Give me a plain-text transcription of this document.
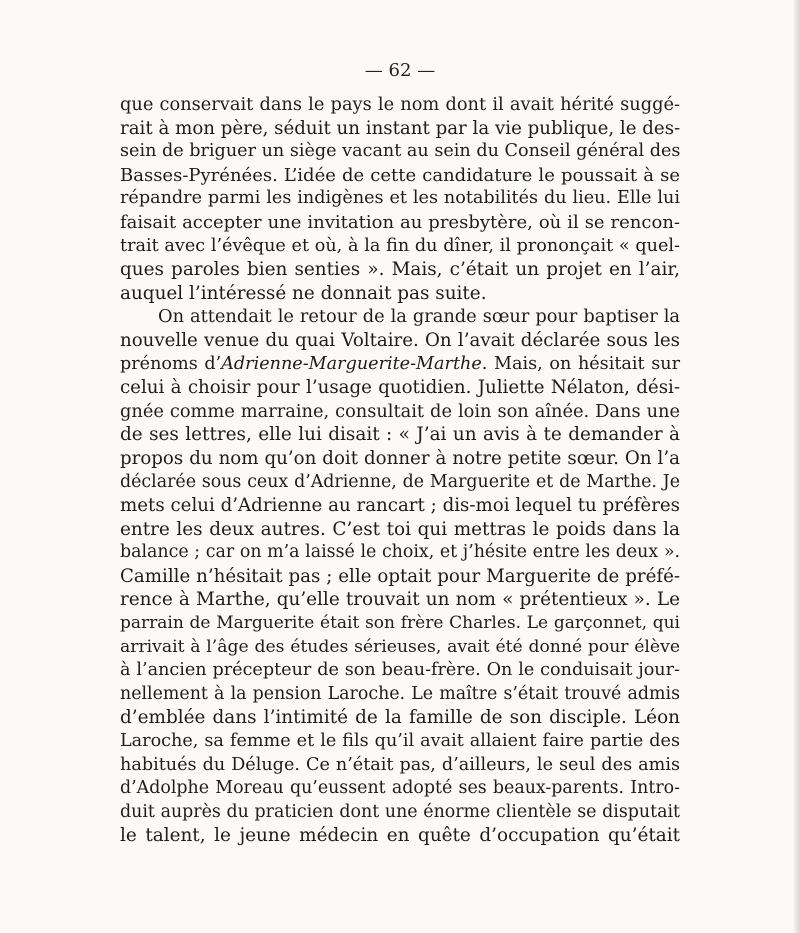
— 62 —
que conservait dans le pays le nom dont il avait hérité suggé-
rait à mon père, séduit un instant par la vie publique, le des-
sein de briguer un siège vacant au sein du Conseil général des
Basses-Pyrénées. L’idée de cette candidature le poussait à se
répandre parmi les indigènes et les notabilités du lieu. Elle lui
faisait accepter une invitation au presbytère, où il se rencon-
trait avec l’évêque et où, à la fin du dîner, il prononçait « quel-
ques paroles bien senties ». Mais, c’était un projet en l’air,
auquel l’intéressé ne donnait pas suite.
On attendait le retour de la grande sœur pour baptiser la
nouvelle venue du quai Voltaire. On l’avait déclarée sous les
prénoms d’Adrienne-Marguerite-Marthe. Mais, on hésitait sur
celui à choisir pour l’usage quotidien. Juliette Nélaton, dési-
gnée comme marraine, consultait de loin son aînée. Dans une
de ses lettres, elle lui disait : « J’ai un avis à te demander à
propos du nom qu’on doit donner à notre petite sœur. On l’a
déclarée sous ceux d’Adrienne, de Marguerite et de Marthe. Je
mets celui d’Adrienne au rancart ; dis-moi lequel tu préfères
entre les deux autres. C’est toi qui mettras le poids dans la
balance ; car on m’a laissé le choix, et j’hésite entre les deux ».
Camille n’hésitait pas ; elle optait pour Marguerite de préfé-
rence à Marthe, qu’elle trouvait un nom « prétentieux ». Le
parrain de Marguerite était son frère Charles. Le garçonnet, qui
arrivait à l’âge des études sérieuses, avait été donné pour élève
à l’ancien précepteur de son beau-frère. On le conduisait jour-
nellement à la pension Laroche. Le maître s’était trouvé admis
d’emblée dans l’intimité de la famille de son disciple. Léon
Laroche, sa femme et le fils qu’il avait allaient faire partie des
habitués du Déluge. Ce n’était pas, d’ailleurs, le seul des amis
d’Adolphe Moreau qu’eussent adopté ses beaux-parents. Intro-
duit auprès du praticien dont une énorme clientèle se disputait
le talent, le jeune médecin en quête d’occupation qu’était
